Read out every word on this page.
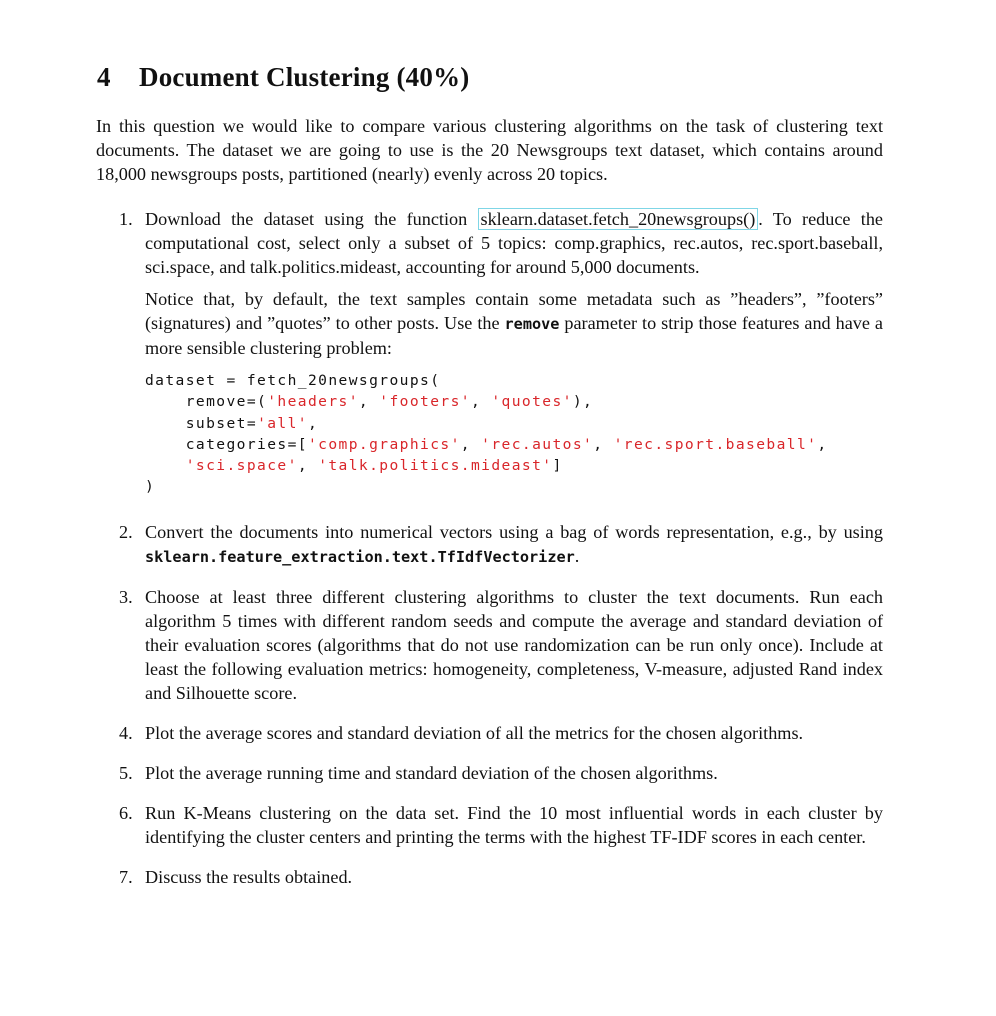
4 Document Clustering (40%)

In this question we would like to compare various clustering algorithms on the task of clustering text documents. The dataset we are going to use is the 20 Newsgroups text dataset, which contains around 18,000 newsgroups posts, partitioned (nearly) evenly across 20 topics.

1. Download the dataset using the function sklearn.dataset.fetch_20newsgroups() . To reduce the computational cost, select only a subset of 5 topics: comp.graphics, rec.autos, rec.sport.baseball, sci.space, and talk.politics.mideast, accounting for around 5,000 documents.

Notice that, by default, the text samples contain some metadata such as ”headers”, ”footers” (signatures) and ”quotes” to other posts. Use the remove parameter to strip those features and have a more sensible clustering problem:

dataset = fetch_20newsgroups(
remove=('headers', 'footers', 'quotes'),
subset='all',
categories=['comp.graphics', 'rec.autos', 'rec.sport.baseball',
'sci.space', 'talk.politics.mideast']
)
2. Convert the documents into numerical vectors using a bag of words representation, e.g., by using sklearn.feature_extraction.text.TfIdfVectorizer.

3. Choose at least three different clustering algorithms to cluster the text documents. Run each algorithm 5 times with different random seeds and compute the average and standard deviation of their evaluation scores (algorithms that do not use randomization can be run only once). Include at least the following evaluation metrics: homogeneity, completeness, V-measure, adjusted Rand index and Silhouette score.

4. Plot the average scores and standard deviation of all the metrics for the chosen algorithms.

5. Plot the average running time and standard deviation of the chosen algorithms.

6. Run K-Means clustering on the data set. Find the 10 most influential words in each cluster by identifying the cluster centers and printing the terms with the highest TF-IDF scores in each center.

7. Discuss the results obtained.
